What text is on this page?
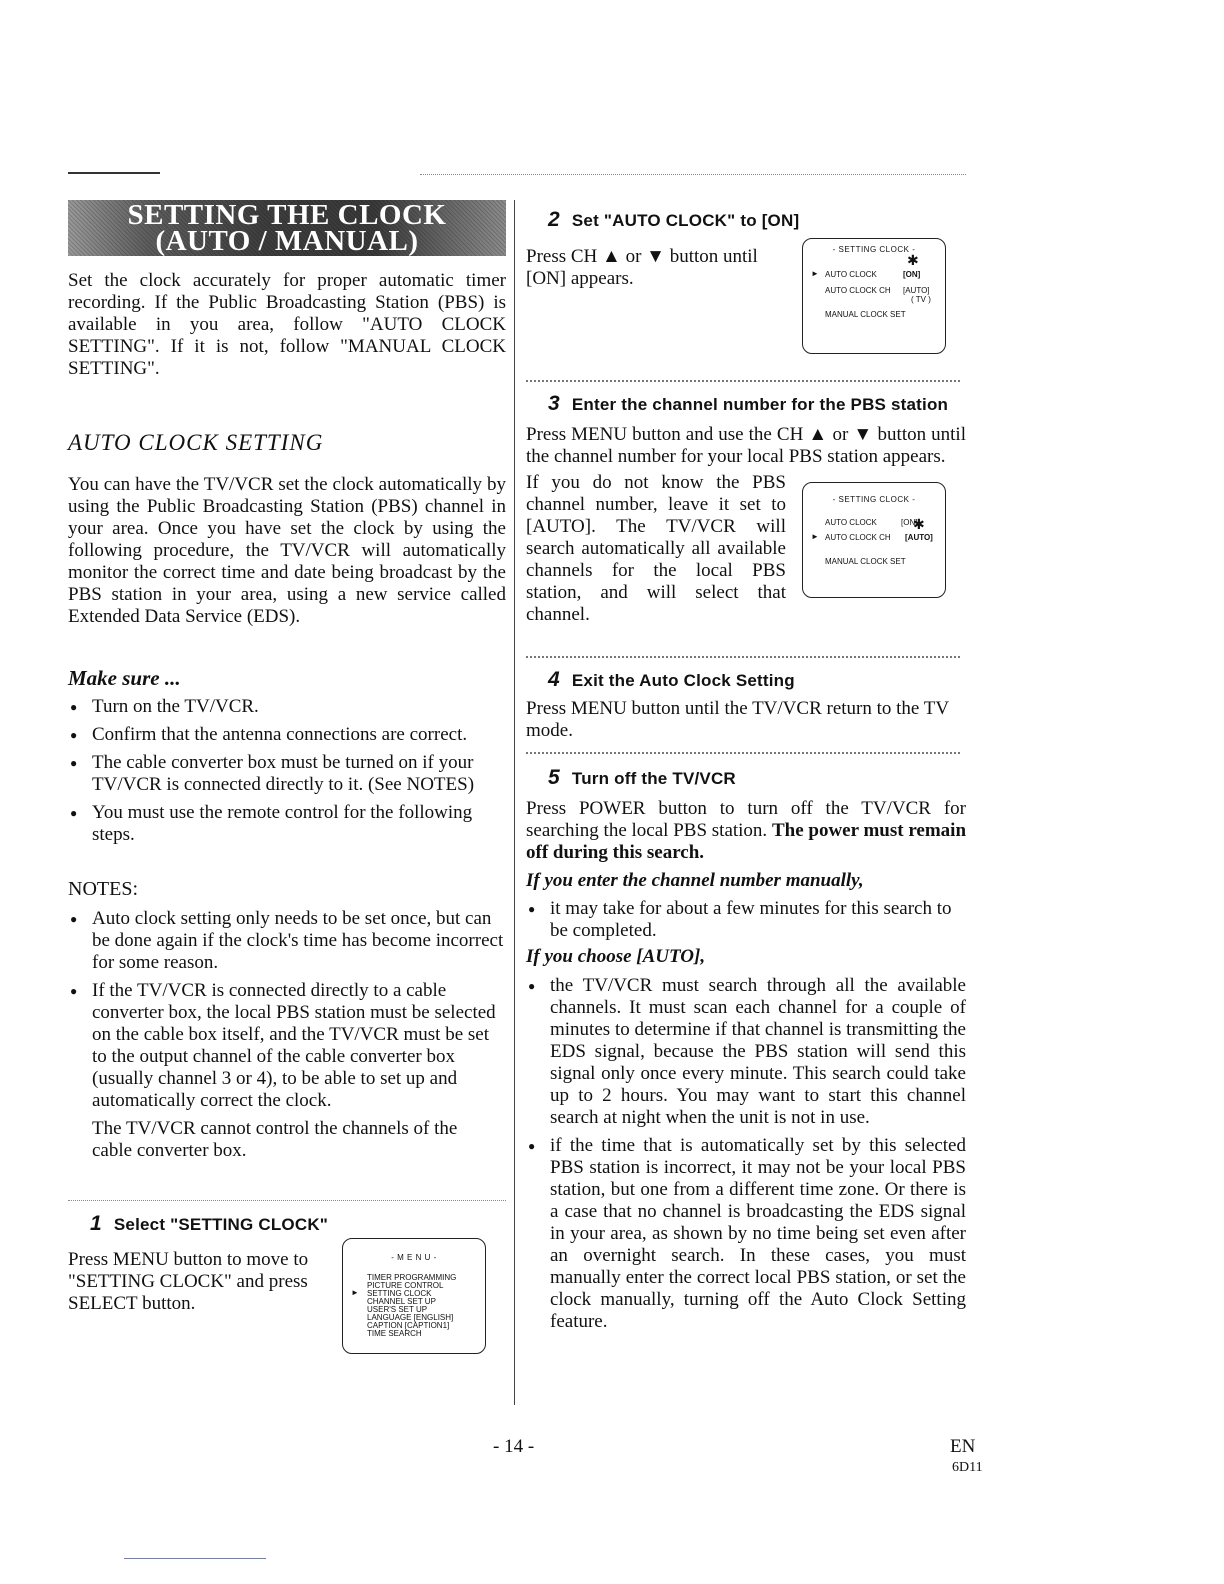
SETTING THE CLOCK
(AUTO / MANUAL)

Set the clock accurately for proper automatic timer recording. If the Public Broadcasting Station (PBS) is available in you area, follow "AUTO CLOCK SETTING". If it is not, follow "MANUAL CLOCK SETTING".

AUTO CLOCK SETTING

You can have the TV/VCR set the clock automatically by using the Public Broadcasting Station (PBS) channel in your area. Once you have set the clock by using the following procedure, the TV/VCR will automatically monitor the correct time and date being broadcast by the PBS station in your area, using a new service called Extended Data Service (EDS).

Make sure ...
● Turn on the TV/VCR.
● Confirm that the antenna connections are correct.
● The cable converter box must be turned on if your TV/VCR is connected directly to it. (See NOTES)
● You must use the remote control for the following steps.
NOTES:
● Auto clock setting only needs to be set once, but can be done again if the clock's time has become incorrect for some reason.
● If the TV/VCR is connected directly to a cable converter box, the local PBS station must be selected on the cable box itself, and the TV/VCR must be set to the output channel of the cable converter box (usually channel 3 or 4), to be able to set up and automatically correct the clock.

The TV/VCR cannot control the channels of the cable converter box.

1 Select "SETTING CLOCK"

Press MENU button to move to "SETTING CLOCK" and press SELECT button.

- M E N U -
TIMER PROGRAMMING
PICTURE CONTROL
► SETTING CLOCK
CHANNEL SET UP
USER'S SET UP
LANGUAGE [ENGLISH]
CAPTION [CAPTION1]
TIME SEARCH
2 Set "AUTO CLOCK" to [ON]

Press CH ▲ or ▼ button until [ON] appears.

- SETTING CLOCK -
► AUTO CLOCK	[ON]
✱
AUTO CLOCK CH [AUTO]
( TV )
MANUAL CLOCK SET
3 Enter the channel number for the PBS station

Press MENU button and use the CH ▲ or ▼ button until the channel number for your local PBS station appears.

If you do not know the PBS channel number, leave it set to [AUTO]. The TV/VCR will search automatically all available channels for the local PBS station, and will select that channel.

- SETTING CLOCK -
AUTO CLOCK	[ON]
► AUTO CLOCK CH [AUTO]
✱
MANUAL CLOCK SET
4 Exit the Auto Clock Setting

Press MENU button until the TV/VCR return to the TV mode.

5 Turn off the TV/VCR

Press POWER button to turn off the TV/VCR for searching the local PBS station. The power must remain off during this search.

If you enter the channel number manually,
● it may take for about a few minutes for this search to be completed.
If you choose [AUTO],
● the TV/VCR must search through all the available channels. It must scan each channel for a couple of minutes to determine if that channel is transmitting the EDS signal, because the PBS station will send this signal only once every minute. This search could take up to 2 hours. You may want to start this channel search at night when the unit is not in use.
● if the time that is automatically set by this selected PBS station is incorrect, it may not be your local PBS station, but one from a different time zone. Or there is a case that no channel is broadcasting the EDS signal in your area, as shown by no time being set even after an overnight search. In these cases, you must manually enter the correct local PBS station, or set the clock manually, turning off the Auto Clock Setting feature.
- 14 -	EN
6D11
